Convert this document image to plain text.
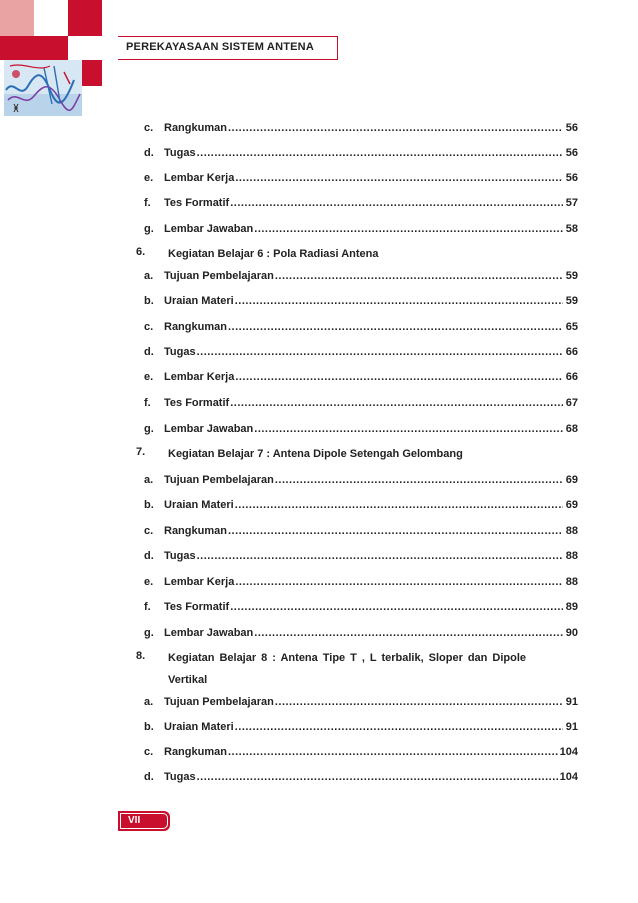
PEREKAYASAAN SISTEM ANTENA
c. Rangkuman .....	56
d. Tugas .....	56
e. Lembar Kerja .....	56
f.	Tes Formatif .....	57
g. Lembar Jawaban .....	58
6.	Kegiatan Belajar 6 : Pola Radiasi Antena
a. Tujuan Pembelajaran .....	59
b. Uraian Materi .....	59
c. Rangkuman .....	65
d. Tugas .....	66
e. Lembar Kerja .....	66
f.	Tes Formatif .....	67
g. Lembar Jawaban .....	68
7.	Kegiatan Belajar 7 : Antena Dipole Setengah Gelombang
a. Tujuan Pembelajaran .....	69
b. Uraian Materi .....	69
c. Rangkuman .....	88
d. Tugas .....	88
e. Lembar Kerja .....	88
f.	Tes Formatif .....	89
g. Lembar Jawaban .....	90
8.	Kegiatan Belajar 8 : Antena Tipe T , L terbalik, Sloper dan Dipole Vertikal
a. Tujuan Pembelajaran .....	91
b. Uraian Materi .....	91
c. Rangkuman .....	104
d. Tugas .....	104
VII
